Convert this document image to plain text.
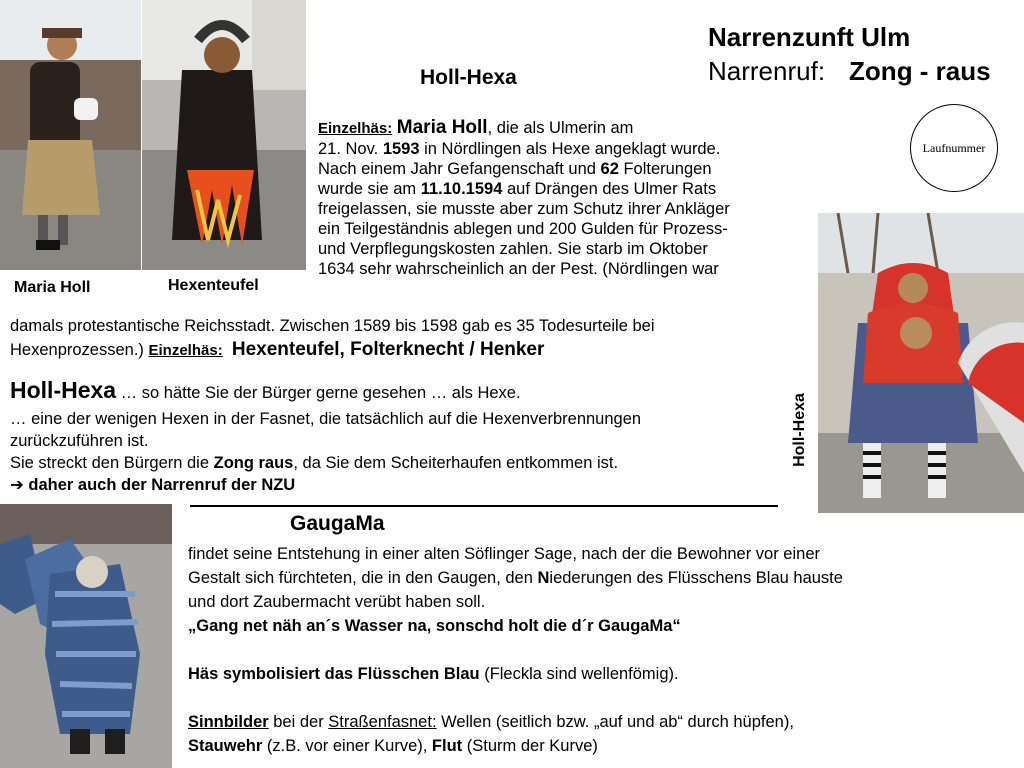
Narrenzunft Ulm
Narrenruf: Zong - raus
Holl-Hexa
Laufnummer
Maria Holl	Hexenteufel
Einzelhäs: Maria Holl, die als Ulmerin am
21. Nov. 1593 in Nördlingen als Hexe angeklagt wurde.
Nach einem Jahr Gefangenschaft und 62 Folterungen
wurde sie am 11.10.1594 auf Drängen des Ulmer Rats
freigelassen, sie musste aber zum Schutz ihrer Ankläger
ein Teilgeständnis ablegen und 200 Gulden für Prozess-
und Verpflegungskosten zahlen. Sie starb im Oktober
1634 sehr wahrscheinlich an der Pest. (Nördlingen war
damals protestantische Reichsstadt. Zwischen 1589 bis 1598 gab es 35 Todesurteile bei
Hexenprozessen.) Einzelhäs: Hexenteufel, Folterknecht / Henker
Holl-Hexa
Holl-Hexa … so hätte Sie der Bürger gerne gesehen … als Hexe.
… eine der wenigen Hexen in der Fasnet, die tatsächlich auf die Hexenverbrennungen
zurückzuführen ist.
Sie streckt den Bürgern die Zong raus, da Sie dem Scheiterhaufen entkommen ist.
➔ daher auch der Narrenruf der NZU
GaugaMa
findet seine Entstehung in einer alten Söflinger Sage, nach der die Bewohner vor einer
Gestalt sich fürchteten, die in den Gaugen, den Niederungen des Flüsschens Blau hauste
und dort Zaubermacht verübt haben soll.
„Gang net näh an´s Wasser na, sonschd holt die d´r GaugaMa“
Häs symbolisiert das Flüsschen Blau (Fleckla sind wellenfömig).
Sinnbilder bei der Straßenfasnet: Wellen (seitlich bzw. „auf und ab“ durch hüpfen),
Stauwehr (z.B. vor einer Kurve), Flut (Sturm der Kurve)
